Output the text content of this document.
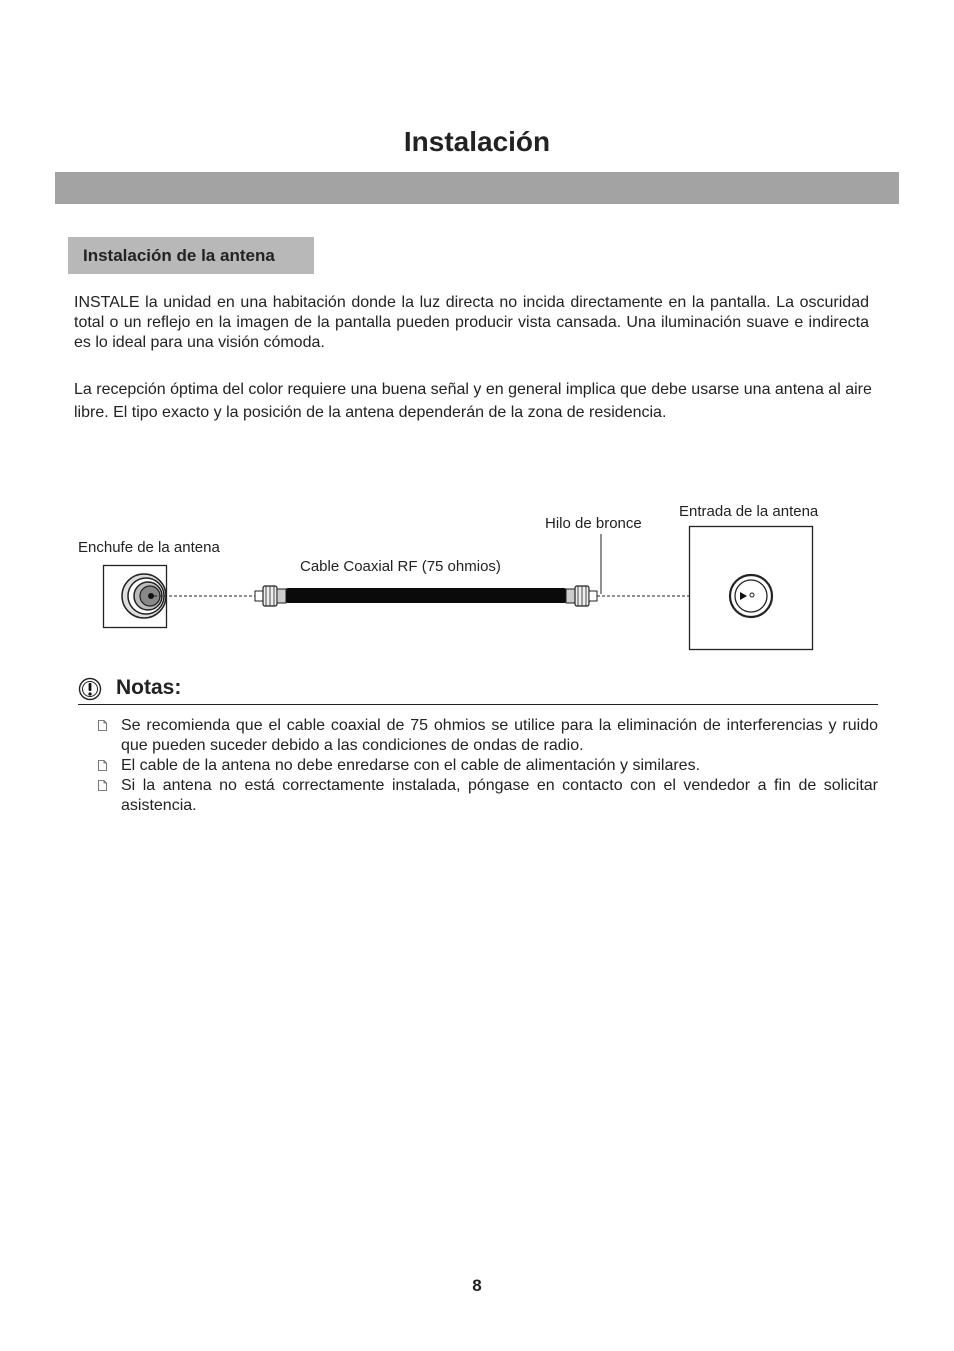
Instalación
Instalación de la antena

INSTALE la unidad en una habitación donde la luz directa no incida directamente en la pantalla. La oscuridad total o un reflejo en la imagen de la pantalla pueden producir vista cansada. Una iluminación suave e indirecta es lo ideal para una visión cómoda.

La recepción óptima del color requiere una buena señal y en general implica que debe usarse una antena al aire libre. El tipo exacto y la posición de la antena dependerán de la zona de residencia.

Enchufe de la antena
Cable Coaxial RF (75 ohmios)
Hilo de bronce
Entrada de la antena
Notas:
Se recomienda que el cable coaxial de 75 ohmios se utilice para la eliminación de interferencias y ruido que pueden suceder debido a las condiciones de ondas de radio.
El cable de la antena no debe enredarse con el cable de alimentación y similares.
Si la antena no está correctamente instalada, póngase en contacto con el vendedor a fin de solicitar asistencia.
8
